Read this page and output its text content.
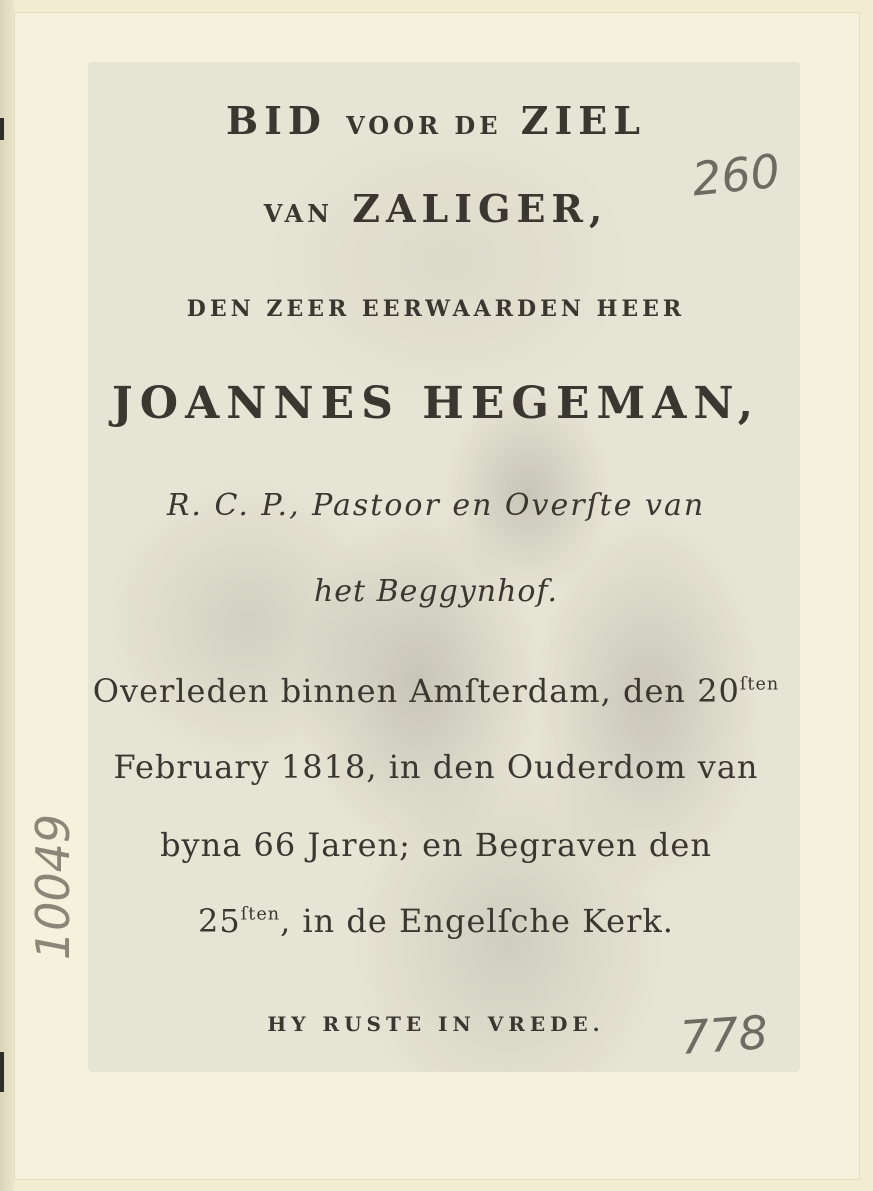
BID VOOR DE ZIEL
VAN ZALIGER,
DEN ZEER EERWAARDEN HEER
JOANNES HEGEMAN,
R. C. P., Pastoor en Overſte van
het Beggynhof.
Overleden binnen Amſterdam, den $20^{ſten}$
February 1818, in den Ouderdom van
byna 66 Jaren; en Begraven den
$25^{ſten}$, in de Engelſche Kerk.
HY RUSTE IN VREDE.
260
778
10049
